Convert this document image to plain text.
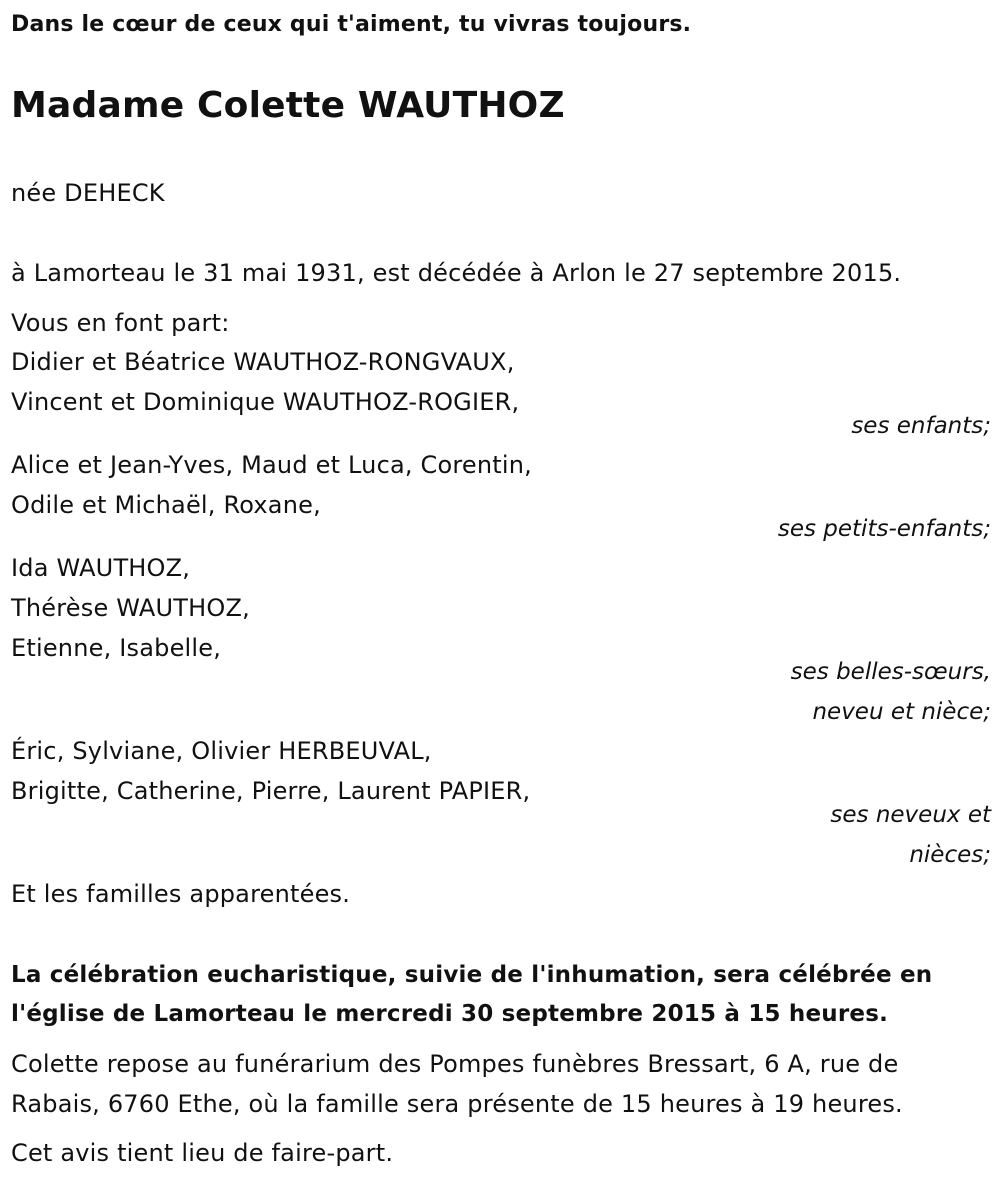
Dans le cœur de ceux qui t'aiment, tu vivras toujours.
Madame Colette WAUTHOZ
née DEHECK
à Lamorteau le 31 mai 1931, est décédée à Arlon le 27 septembre 2015.
Vous en font part:
Didier et Béatrice WAUTHOZ-RONGVAUX,
Vincent et Dominique WAUTHOZ-ROGIER,
ses enfants;
Alice et Jean-Yves, Maud et Luca, Corentin,
Odile et Michaël, Roxane,
ses petits-enfants;
Ida WAUTHOZ,
Thérèse WAUTHOZ,
Etienne, Isabelle,
ses belles-sœurs,
neveu et nièce;
Éric, Sylviane, Olivier HERBEUVAL,
Brigitte, Catherine, Pierre, Laurent PAPIER,
ses neveux et
nièces;
Et les familles apparentées.
La célébration eucharistique, suivie de l'inhumation, sera célébrée en
l'église de Lamorteau le mercredi 30 septembre 2015 à 15 heures.
Colette repose au funérarium des Pompes funèbres Bressart, 6 A, rue de
Rabais, 6760 Ethe, où la famille sera présente de 15 heures à 19 heures.
Cet avis tient lieu de faire-part.
